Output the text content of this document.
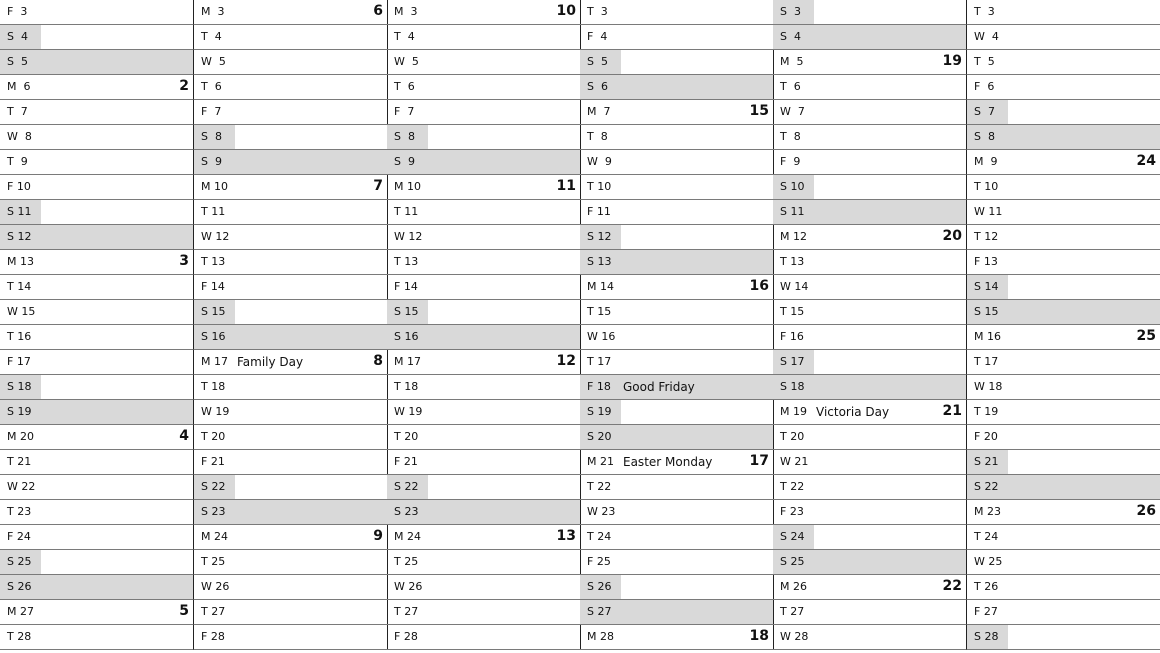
F  3
S  4
S  5
M  6	2
T  7
W  8
T  9
F 10
S 11
S 12
M 13	3
T 14
W 15
T 16
F 17
S 18
S 19
M 20	4
T 21
W 22
T 23
F 24
S 25
S 26
M 27	5
T 28
M  3	6
T  4
W  5
T  6
F  7
S  8
S  9
M 10	7
T 11
W 12
T 13
F 14
S 15
S 16
M 17 Family Day	8
T 18
W 19
T 20
F 21
S 22
S 23
M 24	9
T 25
W 26
T 27
F 28
M  3	10
T  4
W  5
T  6
F  7
S  8
S  9
M 10	11
T 11
W 12
T 13
F 14
S 15
S 16
M 17	12
T 18
W 19
T 20
F 21
S 22
S 23
M 24	13
T 25
W 26
T 27
F 28
T  3
F  4
S  5
S  6
M  7	15
T  8
W  9
T 10
F 11
S 12
S 13
M 14	16
T 15
W 16
T 17
F 18 Good Friday
S 19
S 20
M 21 Easter Monday	17
T 22
W 23
T 24
F 25
S 26
S 27
M 28	18
S  3
S  4
M  5	19
T  6
W  7
T  8
F  9
S 10
S 11
M 12	20
T 13
W 14
T 15
F 16
S 17
S 18
M 19 Victoria Day	21
T 20
W 21
T 22
F 23
S 24
S 25
M 26	22
T 27
W 28
T  3
W  4
T  5
F  6
S  7
S  8
M  9	24
T 10
W 11
T 12
F 13
S 14
S 15
M 16	25
T 17
W 18
T 19
F 20
S 21
S 22
M 23	26
T 24
W 25
T 26
F 27
S 28
